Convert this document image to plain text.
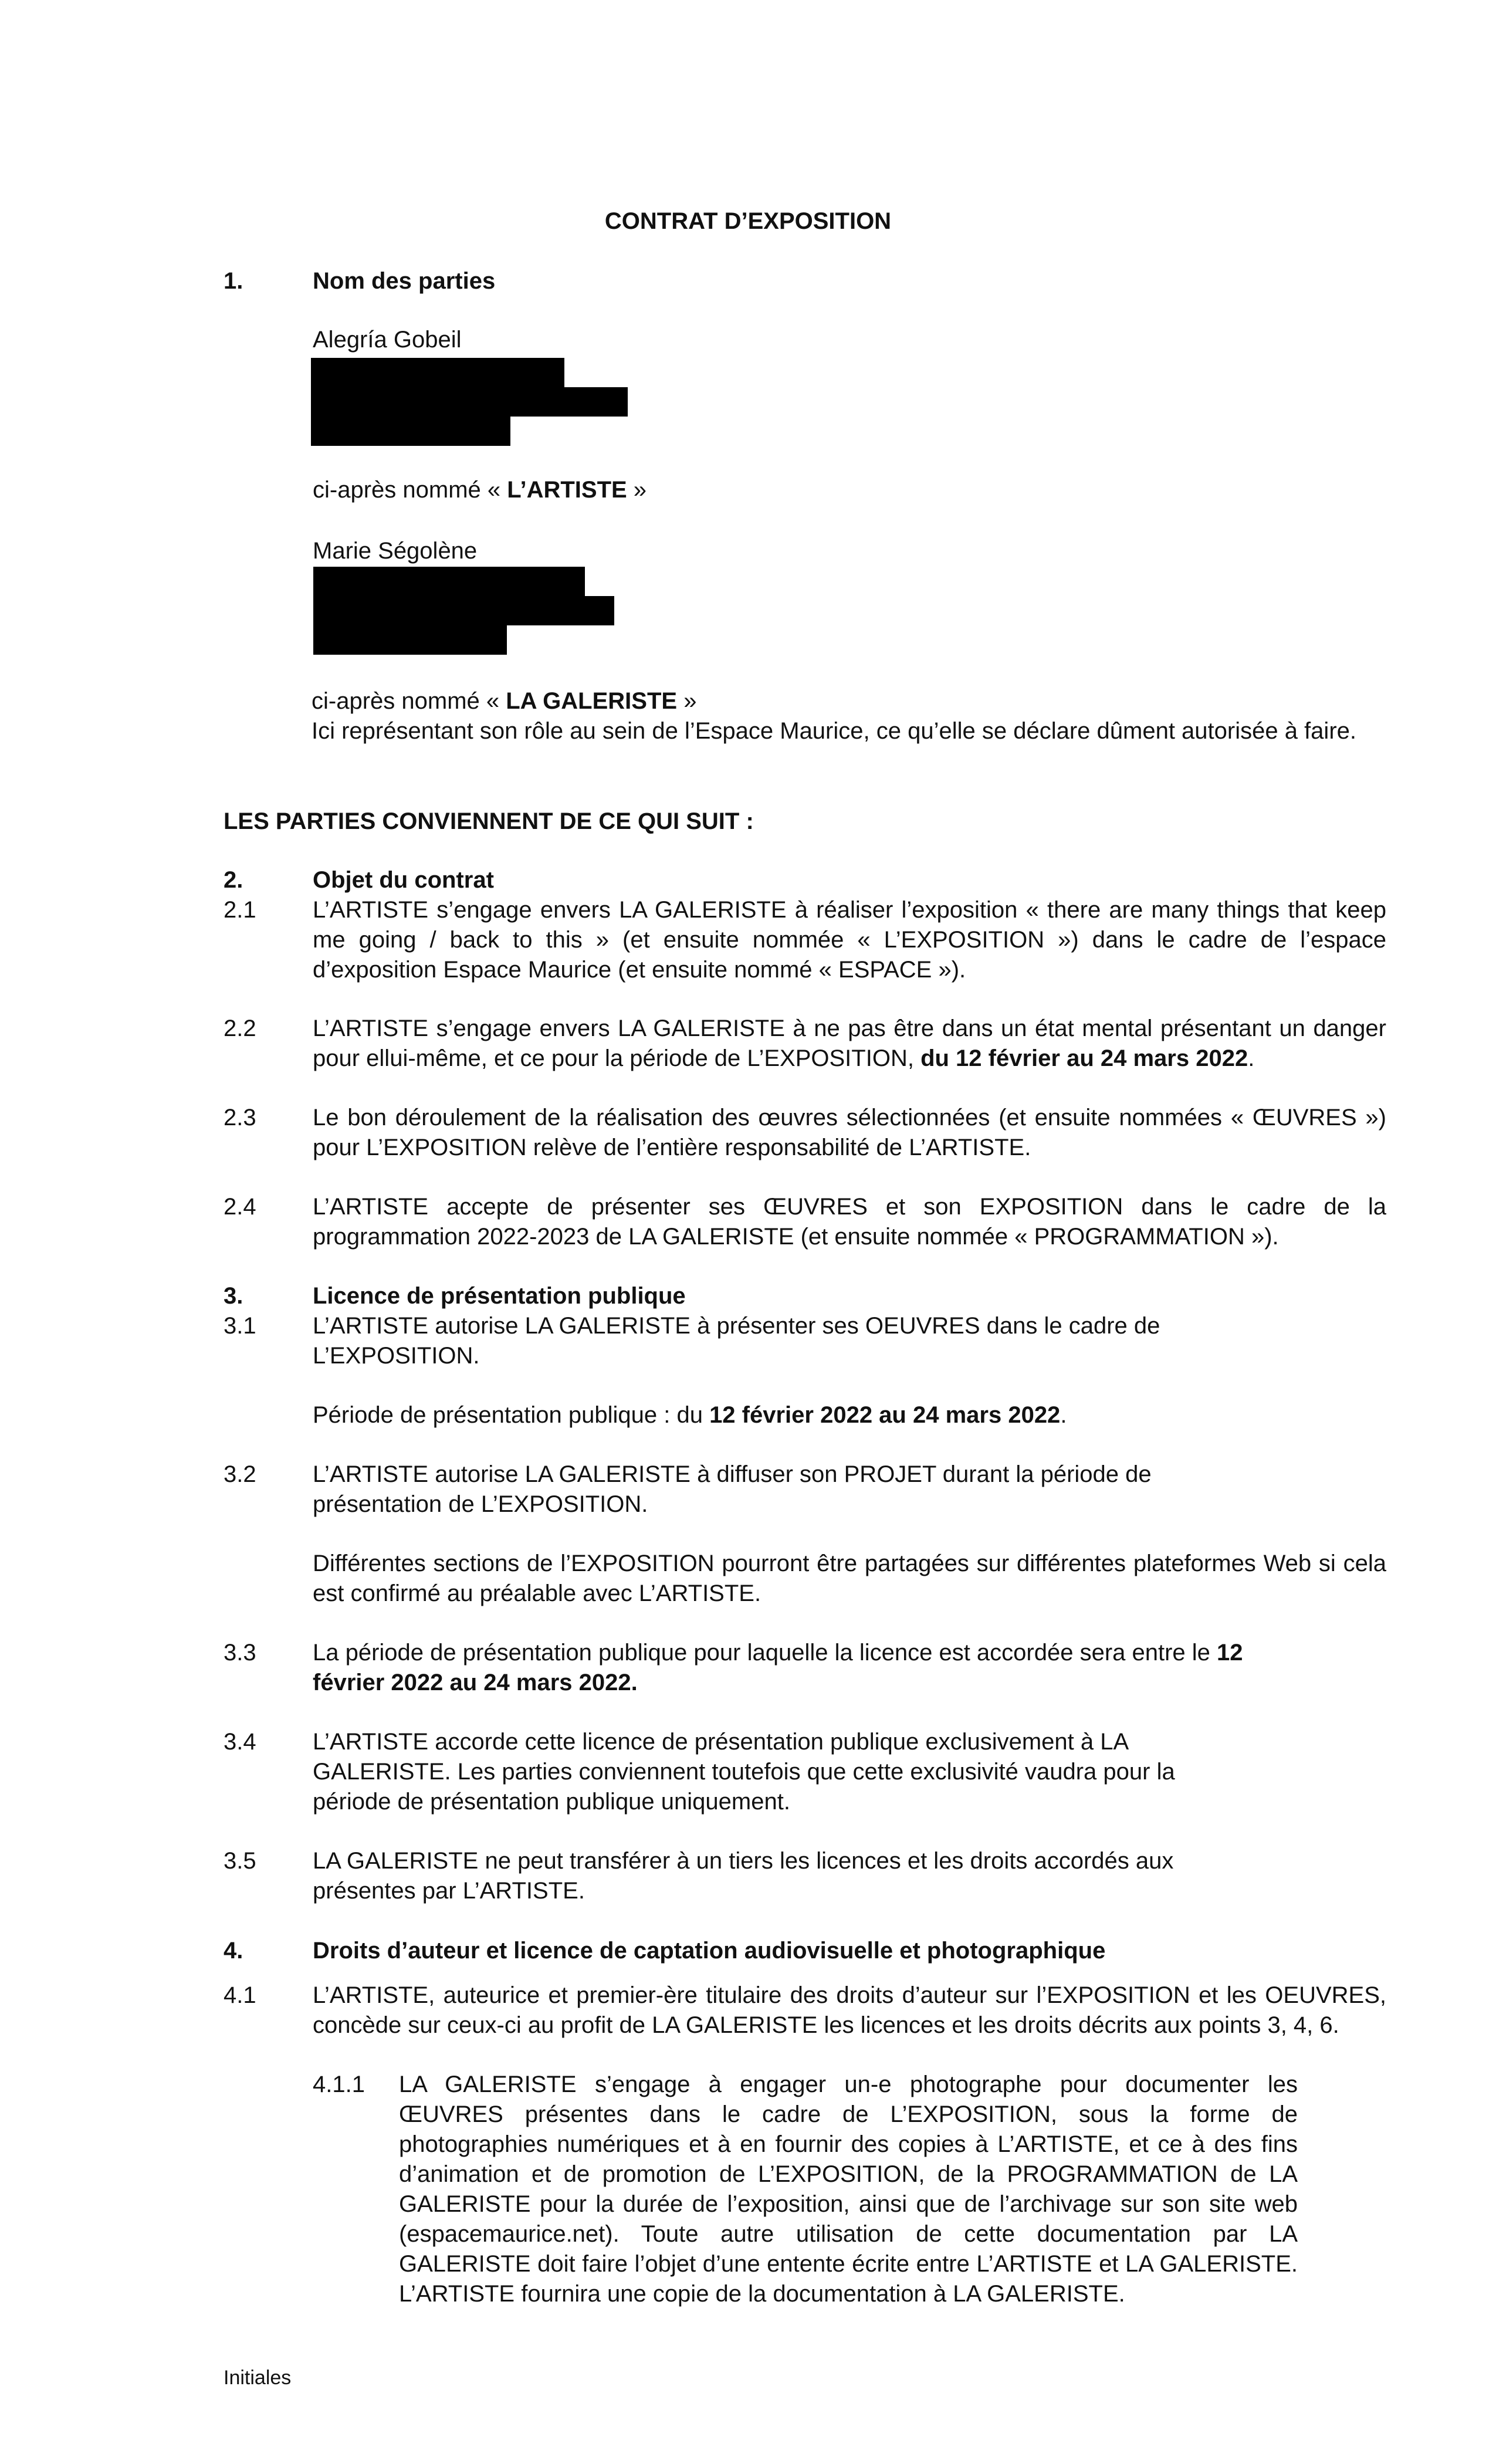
CONTRAT D’EXPOSITION
1.	Nom des parties
Alegría Gobeil
ci-après nommé « L’ARTISTE »
Marie Ségolène
ci-après nommé « LA GALERISTE »
Ici représentant son rôle au sein de l’Espace Maurice, ce qu’elle se déclare dûment autorisée à faire.
LES PARTIES CONVIENNENT DE CE QUI SUIT :
2.	Objet du contrat
2.1 L’ARTISTE s’engage envers LA GALERISTE à réaliser l’exposition « there are many things that keep me going / back to this » (et ensuite nommée « L’EXPOSITION ») dans le cadre de l’espace d’exposition Espace Maurice (et ensuite nommé « ESPACE »).

2.2 L’ARTISTE s’engage envers LA GALERISTE à ne pas être dans un état mental présentant un danger pour ellui-même, et ce pour la période de L’EXPOSITION, du 12 février au 24 mars 2022.

2.3 Le bon déroulement de la réalisation des œuvres sélectionnées (et ensuite nommées « ŒUVRES ») pour L’EXPOSITION relève de l’entière responsabilité de L’ARTISTE.

2.4 L’ARTISTE accepte de présenter ses ŒUVRES et son EXPOSITION dans le cadre de la programmation 2022-2023 de LA GALERISTE (et ensuite nommée « PROGRAMMATION »).

3.	Licence de présentation publique
3.1 L’ARTISTE autorise LA GALERISTE à présenter ses OEUVRES dans le cadre de
L’EXPOSITION.
Période de présentation publique : du 12 février 2022 au 24 mars 2022.
3.2 L’ARTISTE autorise LA GALERISTE à diffuser son PROJET durant la période de
présentation de L’EXPOSITION.

Différentes sections de l’EXPOSITION pourront être partagées sur différentes plateformes Web si cela est confirmé au préalable avec L’ARTISTE.

3.3 La période de présentation publique pour laquelle la licence est accordée sera entre le 12
février 2022 au 24 mars 2022.
3.4 L’ARTISTE accorde cette licence de présentation publique exclusivement à LA
GALERISTE. Les parties conviennent toutefois que cette exclusivité vaudra pour la
période de présentation publique uniquement.
3.5 LA GALERISTE ne peut transférer à un tiers les licences et les droits accordés aux
présentes par L’ARTISTE.
4.	Droits d’auteur et licence de captation audiovisuelle et photographique
4.1 L’ARTISTE, auteurice et premier-ère titulaire des droits d’auteur sur l’EXPOSITION et les OEUVRES, concède sur ceux-ci au profit de LA GALERISTE les licences et les droits décrits aux points 3, 4, 6.

4.1.1 LA GALERISTE s’engage à engager un-e photographe pour documenter les ŒUVRES présentes dans le cadre de L’EXPOSITION, sous la forme de photographies numériques et à en fournir des copies à L’ARTISTE, et ce à des fins d’animation et de promotion de L’EXPOSITION, de la PROGRAMMATION de LA GALERISTE pour la durée de l’exposition, ainsi que de l’archivage sur son site web (espacemaurice.net). Toute autre utilisation de cette documentation par LA GALERISTE doit faire l’objet d’une entente écrite entre L’ARTISTE et LA GALERISTE. L’ARTISTE fournira une copie de la documentation à LA GALERISTE.

Initiales
